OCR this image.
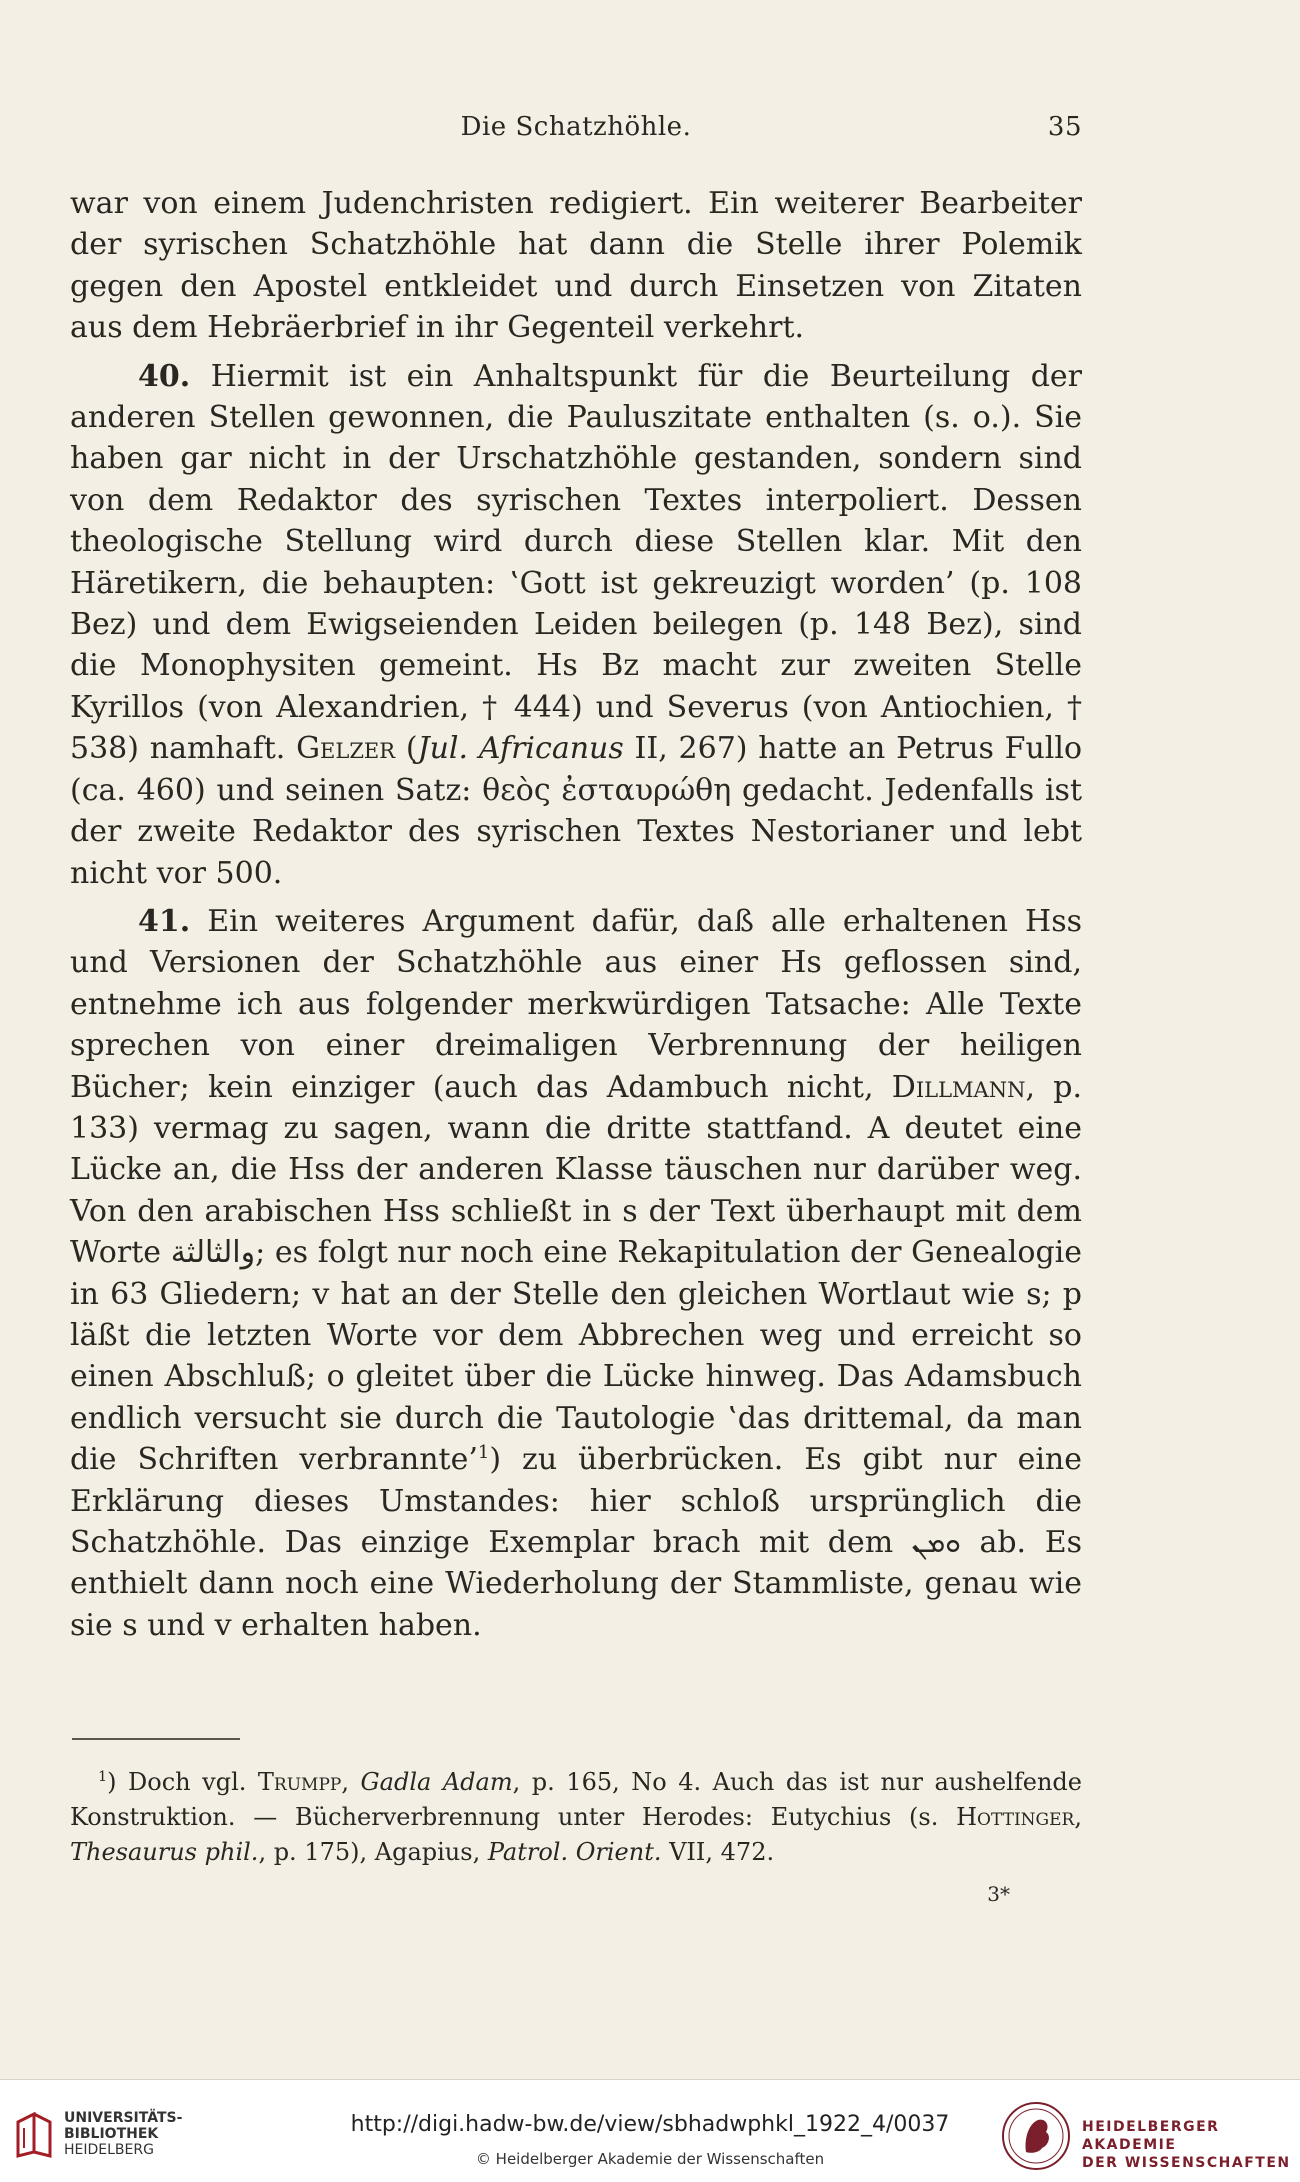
Die Schatzhöhle.	35

war von einem Judenchristen redigiert. Ein weiterer Bearbeiter der syrischen Schatzhöhle hat dann die Stelle ihrer Polemik gegen den Apostel entkleidet und durch Einsetzen von Zitaten aus dem Hebräerbrief in ihr Gegenteil verkehrt.

40. Hiermit ist ein Anhaltspunkt für die Beurteilung der anderen Stellen gewonnen, die Pauluszitate enthalten (s. o.). Sie haben gar nicht in der Urschatzhöhle gestanden, sondern sind von dem Redaktor des syrischen Textes interpoliert. Dessen theologische Stellung wird durch diese Stellen klar. Mit den Häretikern, die behaupten: ‛Gott ist gekreuzigt worden’ (p. 108 Bez) und dem Ewigseienden Leiden beilegen (p. 148 Bez), sind die Monophysiten gemeint. Hs Bz macht zur zweiten Stelle Kyrillos (von Alexandrien, † 444) und Severus (von Antiochien, † 538) namhaft. Gelzer (Jul. Africanus II, 267) hatte an Petrus Fullo (ca. 460) und seinen Satz: θεὸς ἐσταυρώθη gedacht. Jedenfalls ist der zweite Redaktor des syrischen Textes Nestorianer und lebt nicht vor 500.

41. Ein weiteres Argument dafür, daß alle erhaltenen Hss und Versionen der Schatzhöhle aus einer Hs geflossen sind, entnehme ich aus folgender merkwürdigen Tatsache: Alle Texte sprechen von einer dreimaligen Verbrennung der heiligen Bücher; kein einziger (auch das Adambuch nicht, Dillmann, p. 133) vermag zu sagen, wann die dritte stattfand. A deutet eine Lücke an, die Hss der anderen Klasse täuschen nur darüber weg. Von den arabischen Hss schließt in s der Text überhaupt mit dem Worte والثالثة; es folgt nur noch eine Rekapitulation der Genealogie in 63 Gliedern; v hat an der Stelle den gleichen Wortlaut wie s; p läßt die letzten Worte vor dem Abbrechen weg und erreicht so einen Abschluß; o gleitet über die Lücke hinweg. Das Adamsbuch endlich versucht sie durch die Tautologie ‛das drittemal, da man die Schriften verbrannte’$^1$) zu überbrücken. Es gibt nur eine Erklärung dieses Umstandes: hier schloß ursprünglich die Schatzhöhle. Das einzige Exemplar brach mit dem ܘܡܢ ab. Es enthielt dann noch eine Wiederholung der Stammliste, genau wie sie s und v erhalten haben.

$^1$) Doch vgl. Trumpp, Gadla Adam, p. 165, No 4. Auch das ist nur aushelfende Konstruktion. — Bücherverbrennung unter Herodes: Eutychius (s. Hottinger, Thesaurus phil., p. 175), Agapius, Patrol. Orient. VII, 472.

3*
UNIVERSITÄTS-
BIBLIOTHEK
HEIDELBERG
http://digi.hadw-bw.de/view/sbhadwphkl_1922_4/0037
© Heidelberger Akademie der Wissenschaften
HEIDELBERGER AKADEMIE
DER WISSENSCHAFTEN
